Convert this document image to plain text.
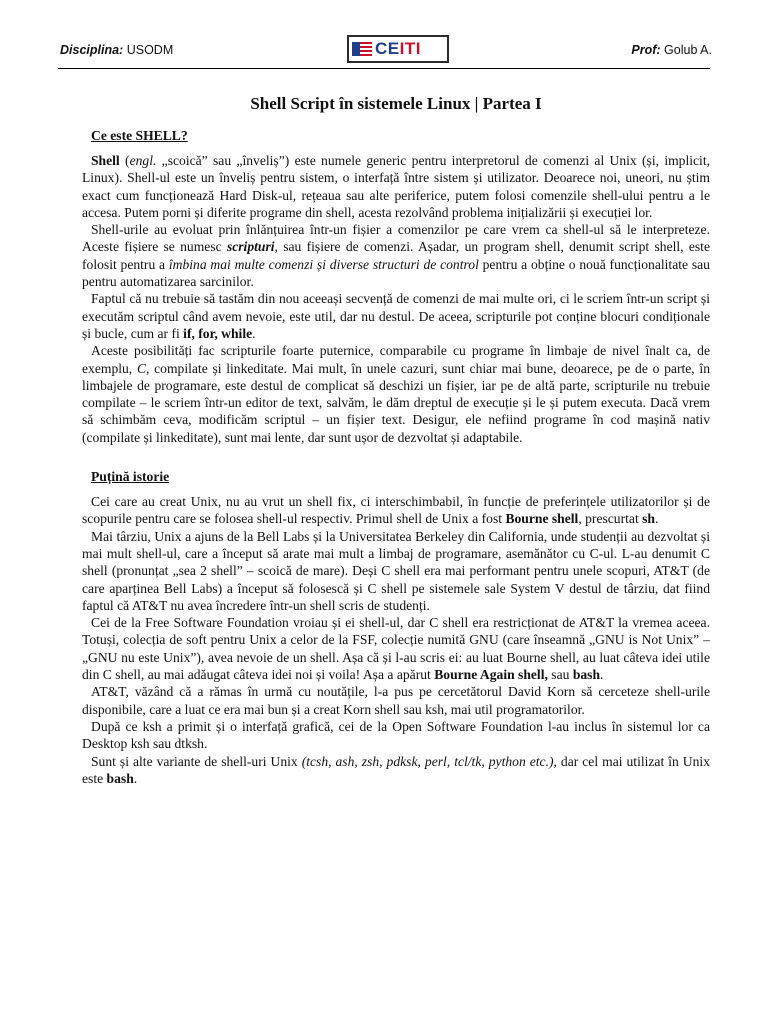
Disciplina: USODM	CEITI	Prof: Golub A.
Shell Script în sistemele Linux | Partea I
Ce este SHELL?

Shell (engl. „scoică” sau „înveliș”) este numele generic pentru interpretorul de comenzi al Unix (și, implicit, Linux). Shell-ul este un înveliș pentru sistem, o interfață între sistem și utilizator. Deoarece noi, uneori, nu știm exact cum funcționează Hard Disk-ul, rețeaua sau alte periferice, putem folosi comenzile shell-ului pentru a le accesa. Putem porni și diferite programe din shell, acesta rezolvând problema inițializării și execuției lor.

Shell-urile au evoluat prin înlănțuirea într-un fișier a comenzilor pe care vrem ca shell-ul să le interpreteze. Aceste fișiere se numesc scripturi, sau fișiere de comenzi. Așadar, un program shell, denumit script shell, este folosit pentru a îmbina mai multe comenzi și diverse structuri de control pentru a obține o nouă funcționalitate sau pentru automatizarea sarcinilor.

Faptul că nu trebuie să tastăm din nou aceeași secvență de comenzi de mai multe ori, ci le scriem într-un script și executăm scriptul când avem nevoie, este util, dar nu destul. De aceea, scripturile pot conține blocuri condiționale și bucle, cum ar fi if, for, while.

Aceste posibilități fac scripturile foarte puternice, comparabile cu programe în limbaje de nivel înalt ca, de exemplu, C, compilate și linkeditate. Mai mult, în unele cazuri, sunt chiar mai bune, deoarece, pe de o parte, în limbajele de programare, este destul de complicat să deschizi un fișier, iar pe de altă parte, scripturile nu trebuie compilate – le scriem într-un editor de text, salvăm, le dăm dreptul de execuție și le și putem executa. Dacă vrem să schimbăm ceva, modificăm scriptul – un fișier text. Desigur, ele nefiind programe în cod mașină nativ (compilate și linkeditate), sunt mai lente, dar sunt ușor de dezvoltat și adaptabile.

Puțină istorie

Cei care au creat Unix, nu au vrut un shell fix, ci interschimbabil, în funcție de preferințele utilizatorilor și de scopurile pentru care se folosea shell-ul respectiv. Primul shell de Unix a fost Bourne shell, prescurtat sh.

Mai târziu, Unix a ajuns de la Bell Labs și la Universitatea Berkeley din California, unde studenții au dezvoltat și mai mult shell-ul, care a început să arate mai mult a limbaj de programare, asemănător cu C-ul. L-au denumit C shell (pronunțat „sea 2 shell” – scoică de mare). Deși C shell era mai performant pentru unele scopuri, AT&T (de care aparținea Bell Labs) a început să folosescă și C shell pe sistemele sale System V destul de târziu, dat fiind faptul că AT&T nu avea încredere într-un shell scris de studenți.

Cei de la Free Software Foundation vroiau și ei shell-ul, dar C shell era restricționat de AT&T la vremea aceea. Totuși, colecția de soft pentru Unix a celor de la FSF, colecție numită GNU (care înseamnă „GNU is Not Unix” – „GNU nu este Unix”), avea nevoie de un shell. Așa că și l-au scris ei: au luat Bourne shell, au luat câteva idei utile din C shell, au mai adăugat câteva idei noi și voila! Așa a apărut Bourne Again shell, sau bash.

AT&T, văzând că a rămas în urmă cu noutățile, l-a pus pe cercetătorul David Korn să cerceteze shell-urile disponibile, care a luat ce era mai bun și a creat Korn shell sau ksh, mai util programatorilor.

După ce ksh a primit și o interfață grafică, cei de la Open Software Foundation l-au inclus în sistemul lor ca Desktop ksh sau dtksh.

Sunt și alte variante de shell-uri Unix (tcsh, ash, zsh, pdksk, perl, tcl/tk, python etc.), dar cel mai utilizat în Unix este bash.
